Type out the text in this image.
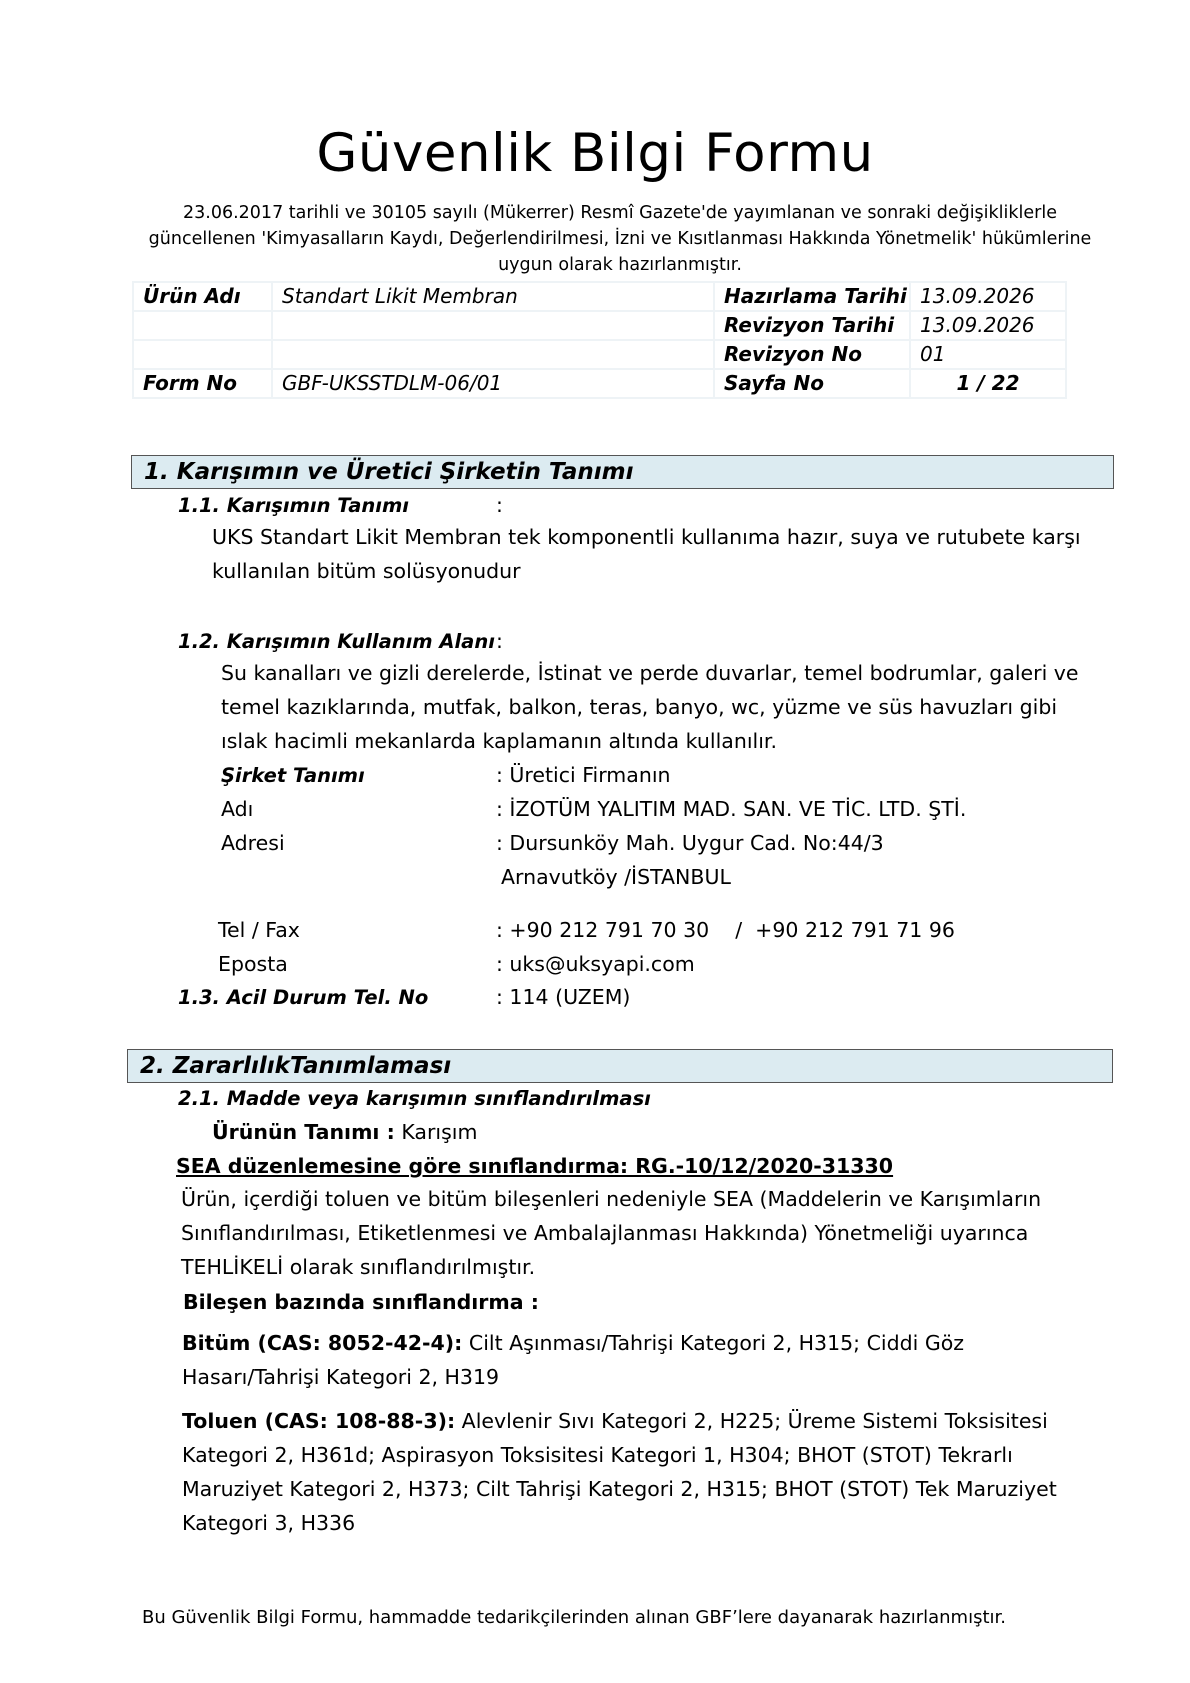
Güvenlik Bilgi Formu
23.06.2017 tarihli ve 30105 sayılı (Mükerrer) Resmî Gazete'de yayımlanan ve sonraki değişikliklerle güncellenen 'Kimyasalların Kaydı, Değerlendirilmesi, İzni ve Kısıtlanması Hakkında Yönetmelik' hükümlerine uygun olarak hazırlanmıştır.
Ürün Adı	Standart Likit Membran	Hazırlama Tarihi	13.09.2026
		Revizyon Tarihi	13.09.2026
		Revizyon No	01
Form No	GBF-UKSSTDLM-06/01	Sayfa No	1 / 22
1. Karışımın ve Üretici Şirketin Tanımı
1.1. Karışımın Tanımı	:
UKS Standart Likit Membran tek komponentli kullanıma hazır, suya ve rutubete karşı kullanılan bitüm solüsyonudur
1.2. Karışımın Kullanım Alanı :
Su kanalları ve gizli derelerde, İstinat ve perde duvarlar, temel bodrumlar, galeri ve temel kazıklarında, mutfak, balkon, teras, banyo, wc, yüzme ve süs havuzları gibi ıslak hacimli mekanlarda kaplamanın altında kullanılır.
Şirket Tanımı	: Üretici Firmanın
Adı	: İZOTÜM YALITIM MAD. SAN. VE TİC. LTD. ŞTİ.
Adresi	: Dursunköy Mah. Uygur Cad. No:44/3
Arnavutköy /İSTANBUL
Tel / Fax	: +90 212 791 70 30    /  +90 212 791 71 96
Eposta	: uks@uksyapi.com
1.3. Acil Durum Tel. No	: 114 (UZEM)
2. ZararlılıkTanımlaması
2.1. Madde veya karışımın sınıflandırılması
Ürünün Tanımı : Karışım
SEA düzenlemesine göre sınıflandırma: RG.-10/12/2020-31330
Ürün, içerdiği toluen ve bitüm bileşenleri nedeniyle SEA (Maddelerin ve Karışımların Sınıflandırılması, Etiketlenmesi ve Ambalajlanması Hakkında) Yönetmeliği uyarınca TEHLİKELİ olarak sınıflandırılmıştır.
Bileşen bazında sınıflandırma :
Bitüm (CAS: 8052-42-4): Cilt Aşınması/Tahrişi Kategori 2, H315; Ciddi Göz Hasarı/Tahrişi Kategori 2, H319
Toluen (CAS: 108-88-3): Alevlenir Sıvı Kategori 2, H225; Üreme Sistemi Toksisitesi Kategori 2, H361d; Aspirasyon Toksisitesi Kategori 1, H304; BHOT (STOT) Tekrarlı Maruziyet Kategori 2, H373; Cilt Tahrişi Kategori 2, H315; BHOT (STOT) Tek Maruziyet Kategori 3, H336
Bu Güvenlik Bilgi Formu, hammadde tedarikçilerinden alınan GBF’lere dayanarak hazırlanmıştır.
